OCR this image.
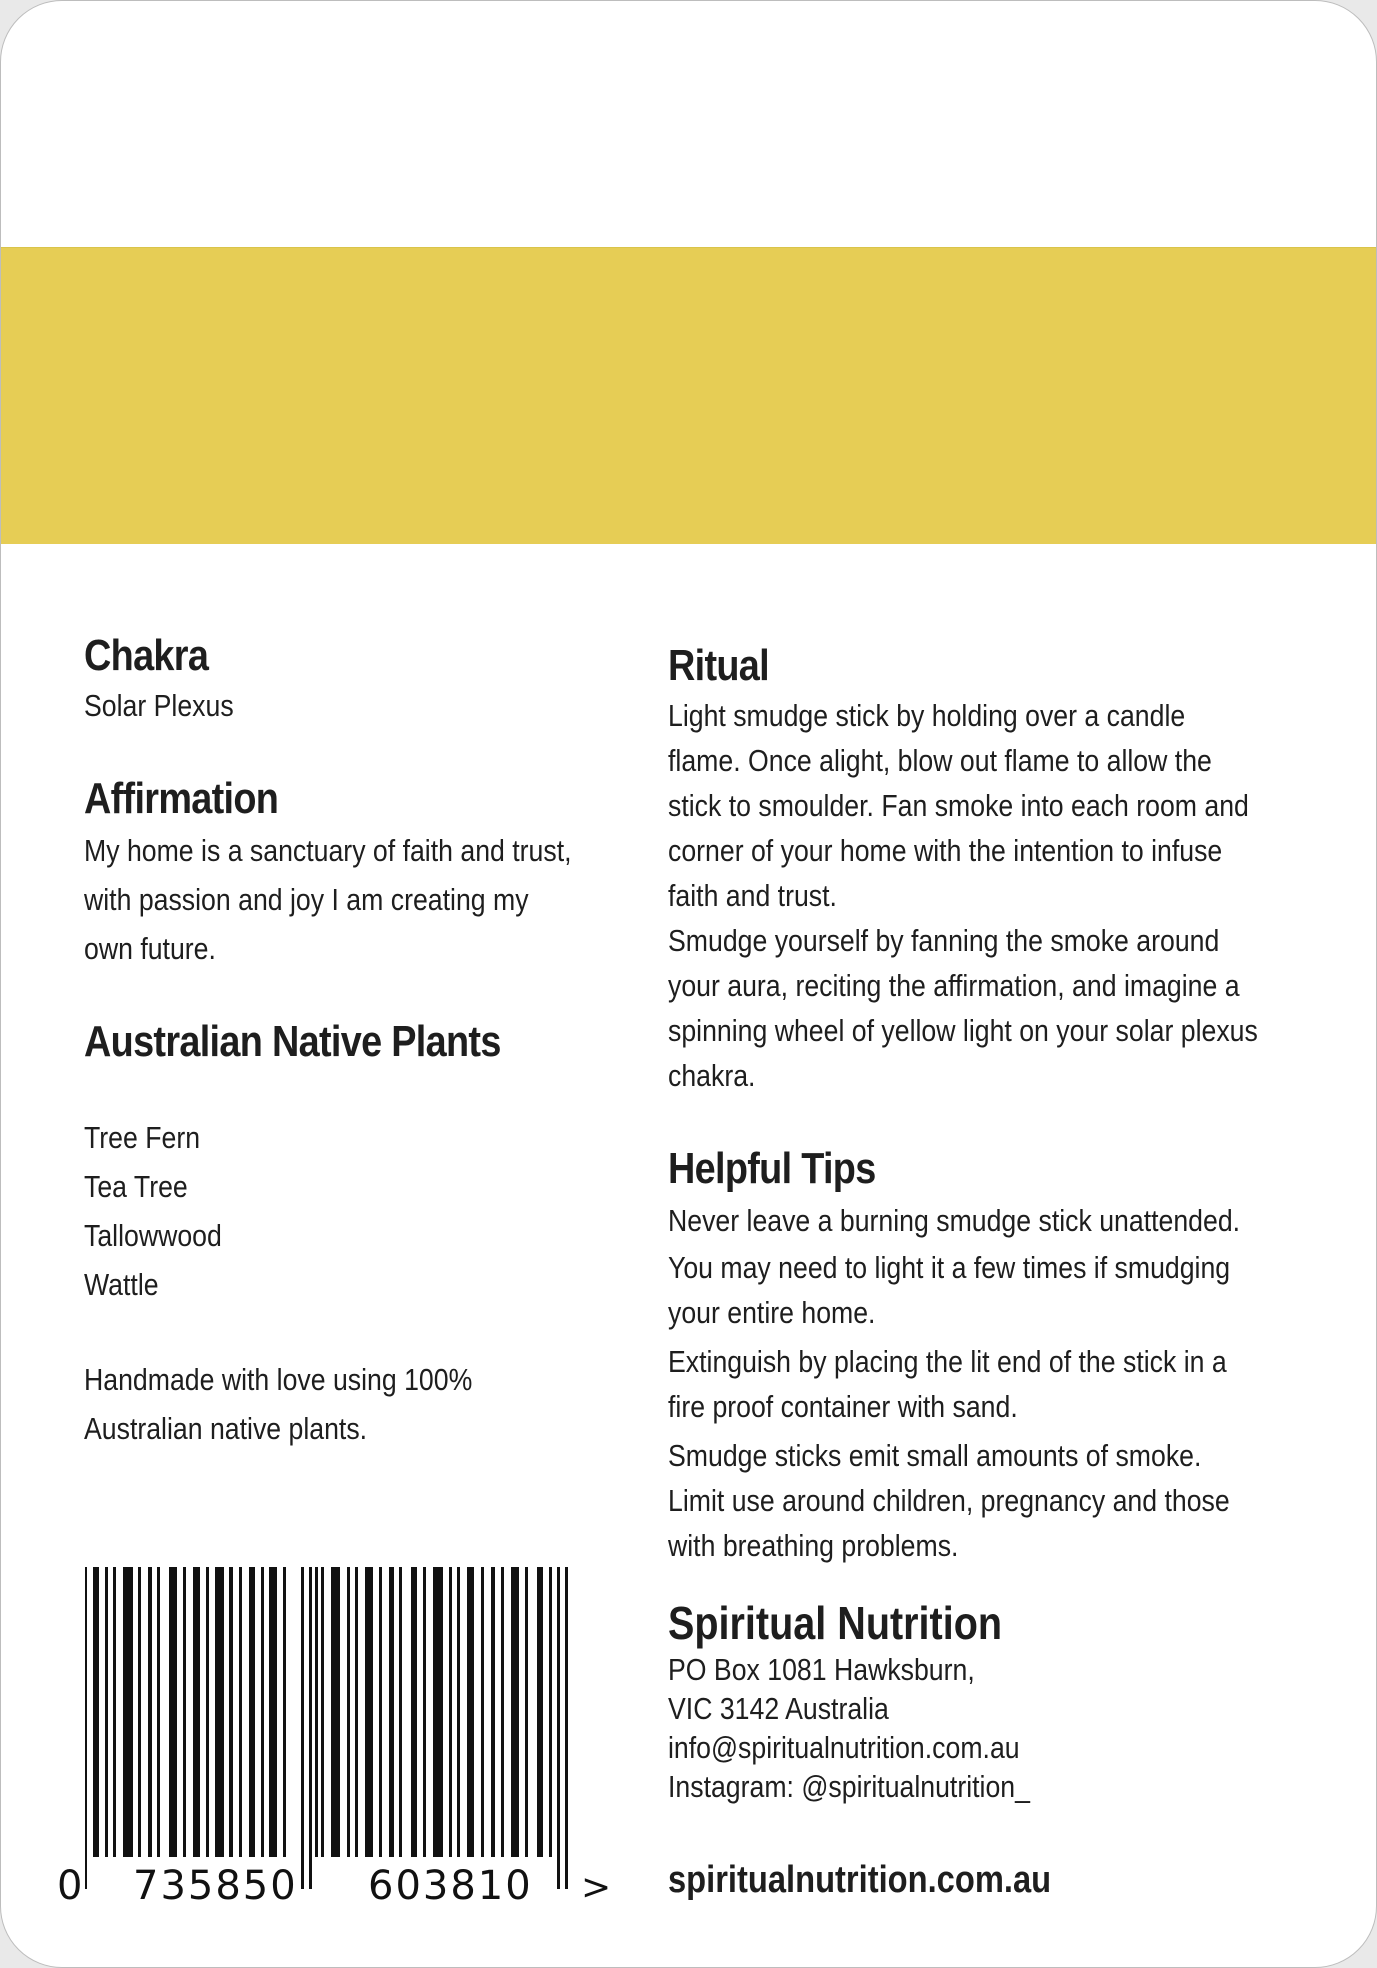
Chakra

Solar Plexus

Affirmation

My home is a sanctuary of faith and trust,

with passion and joy I am creating my

own future.

Australian Native Plants
Tree Fern
Tea Tree
Tallowwood
Wattle

Handmade with love using 100%

Australian native plants.

0 735850 603810 >
Ritual

Light smudge stick by holding over a candle

flame. Once alight, blow out flame to allow the

stick to smoulder. Fan smoke into each room and

corner of your home with the intention to infuse

faith and trust.

Smudge yourself by fanning the smoke around

your aura, reciting the affirmation, and imagine a

spinning wheel of yellow light on your solar plexus

chakra.

Helpful Tips

Never leave a burning smudge stick unattended.

You may need to light it a few times if smudging

your entire home.

Extinguish by placing the lit end of the stick in a

fire proof container with sand.

Smudge sticks emit small amounts of smoke.

Limit use around children, pregnancy and those

with breathing problems.

Spiritual Nutrition

PO Box 1081 Hawksburn,

VIC 3142 Australia

info@spiritualnutrition.com.au

Instagram: @spiritualnutrition_

spiritualnutrition.com.au
